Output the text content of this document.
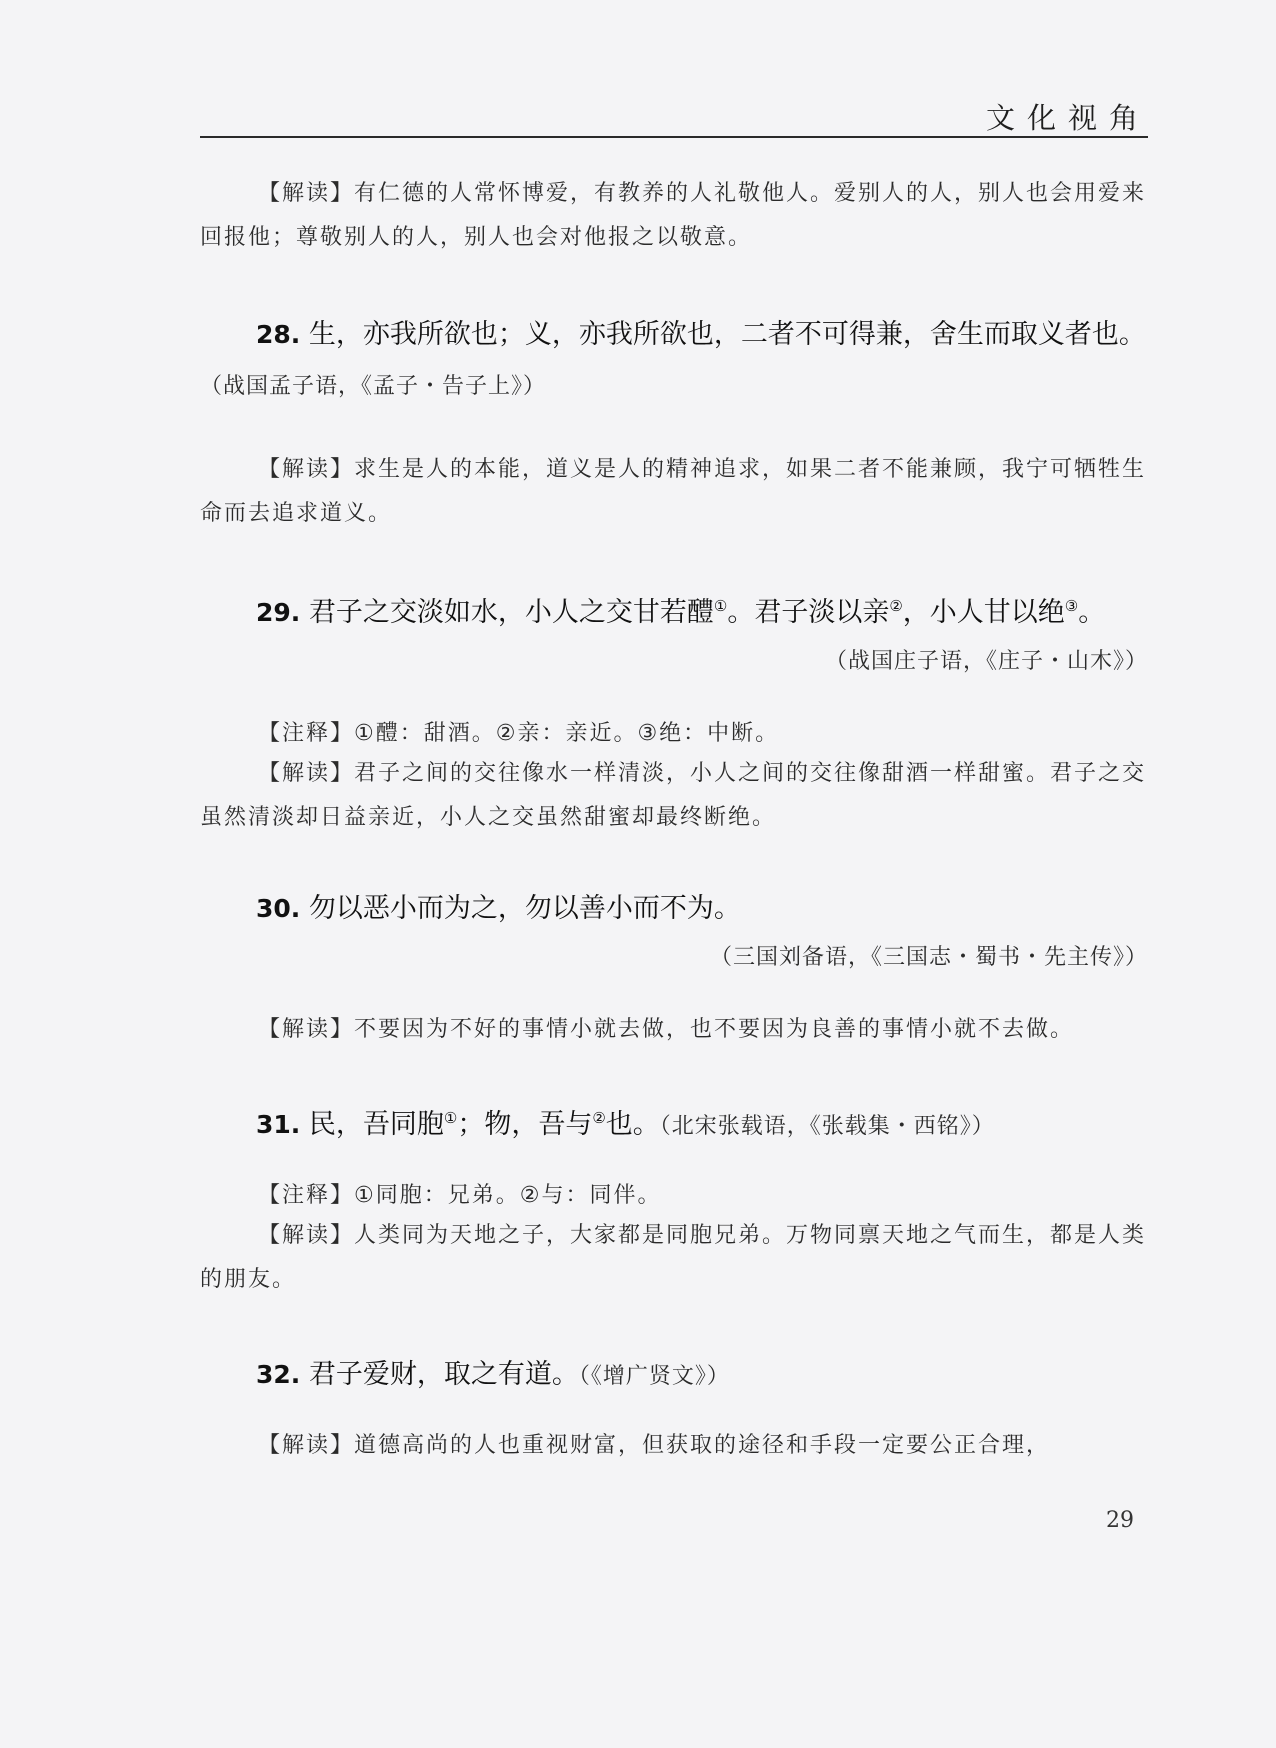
文化视角
【解读】有仁德的人常怀博爱，有教养的人礼敬他人。爱别人的人，别人也会用爱来回报他；尊敬别人的人，别人也会对他报之以敬意。
28. 生，亦我所欲也；义，亦我所欲也，二者不可得兼，舍生而取义者也。（战国孟子语，《孟子・告子上》）
【解读】求生是人的本能，道义是人的精神追求，如果二者不能兼顾，我宁可牺牲生命而去追求道义。
29. 君子之交淡如水，小人之交甘若醴①。君子淡以亲②，小人甘以绝③。
（战国庄子语，《庄子・山木》）
【注释】①醴：甜酒。②亲：亲近。③绝：中断。
【解读】君子之间的交往像水一样清淡，小人之间的交往像甜酒一样甜蜜。君子之交虽然清淡却日益亲近，小人之交虽然甜蜜却最终断绝。
30. 勿以恶小而为之，勿以善小而不为。
（三国刘备语，《三国志・蜀书・先主传》）
【解读】不要因为不好的事情小就去做，也不要因为良善的事情小就不去做。
31. 民，吾同胞①；物，吾与②也。（北宋张载语，《张载集・西铭》）
【注释】①同胞：兄弟。②与：同伴。
【解读】人类同为天地之子，大家都是同胞兄弟。万物同禀天地之气而生，都是人类的朋友。
32. 君子爱财，取之有道。（《增广贤文》）
【解读】道德高尚的人也重视财富，但获取的途径和手段一定要公正合理，
29
